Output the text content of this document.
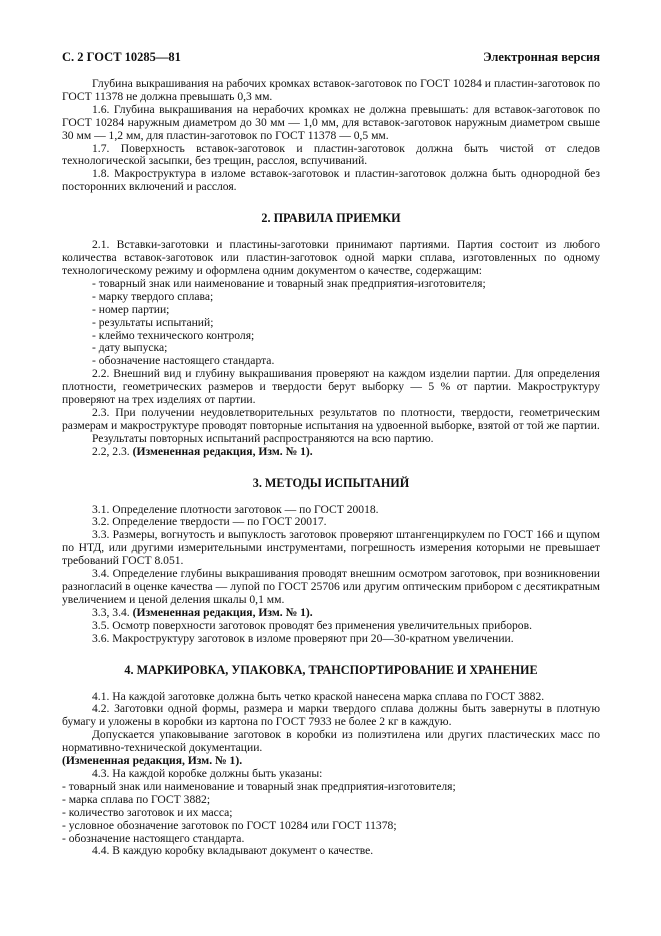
С. 2 ГОСТ 10285—81	Электронная версия

Глубина выкрашивания на рабочих кромках вставок-заготовок по ГОСТ 10284 и пластин-заготовок по ГОСТ 11378 не должна превышать 0,3 мм.

1.6. Глубина выкрашивания на нерабочих кромках не должна превышать: для вставок-заготовок по ГОСТ 10284 наружным диаметром до 30 мм — 1,0 мм, для вставок-заготовок наружным диаметром свыше 30 мм — 1,2 мм, для пластин-заготовок по ГОСТ 11378 — 0,5 мм.

1.7. Поверхность вставок-заготовок и пластин-заготовок должна быть чистой от следов технологической засыпки, без трещин, расслоя, вспучиваний.

1.8. Макроструктура в изломе вставок-заготовок и пластин-заготовок должна быть однородной без посторонних включений и расслоя.

2. ПРАВИЛА ПРИЕМКИ

2.1. Вставки-заготовки и пластины-заготовки принимают партиями. Партия состоит из любого количества вставок-заготовок или пластин-заготовок одной марки сплава, изготовленных по одному технологическому режиму и оформлена одним документом о качестве, содержащим:

- товарный знак или наименование и товарный знак предприятия-изготовителя;

- марку твердого сплава;

- номер партии;

- результаты испытаний;

- клеймо технического контроля;

- дату выпуска;

- обозначение настоящего стандарта.

2.2. Внешний вид и глубину выкрашивания проверяют на каждом изделии партии. Для определения плотности, геометрических размеров и твердости берут выборку — 5 % от партии. Макроструктуру проверяют на трех изделиях от партии.

2.3. При получении неудовлетворительных результатов по плотности, твердости, геометрическим размерам и макроструктуре проводят повторные испытания на удвоенной выборке, взятой от той же партии.

Результаты повторных испытаний распространяются на всю партию.

2.2, 2.3. (Измененная редакция, Изм. № 1).

3. МЕТОДЫ ИСПЫТАНИЙ

3.1. Определение плотности заготовок — по ГОСТ 20018.

3.2. Определение твердости — по ГОСТ 20017.

3.3. Размеры, вогнутость и выпуклость заготовок проверяют штангенциркулем по ГОСТ 166 и щупом по НТД, или другими измерительными инструментами, погрешность измерения которыми не превышает требований ГОСТ 8.051.

3.4. Определение глубины выкрашивания проводят внешним осмотром заготовок, при возникновении разногласий в оценке качества — лупой по ГОСТ 25706 или другим оптическим прибором с десятикратным увеличением и ценой деления шкалы 0,1 мм.

3.3, 3.4. (Измененная редакция, Изм. № 1).

3.5. Осмотр поверхности заготовок проводят без применения увеличительных приборов.

3.6. Макроструктуру заготовок в изломе проверяют при 20—30-кратном увеличении.

4. МАРКИРОВКА, УПАКОВКА, ТРАНСПОРТИРОВАНИЕ И ХРАНЕНИЕ

4.1. На каждой заготовке должна быть четко краской нанесена марка сплава по ГОСТ 3882.

4.2. Заготовки одной формы, размера и марки твердого сплава должны быть завернуты в плотную бумагу и уложены в коробки из картона по ГОСТ 7933 не более 2 кг в каждую.

Допускается упаковывание заготовок в коробки из полиэтилена или других пластических масс по нормативно-технической документации.

(Измененная редакция, Изм. № 1).

4.3. На каждой коробке должны быть указаны:

- товарный знак или наименование и товарный знак предприятия-изготовителя;

- марка сплава по ГОСТ 3882;

- количество заготовок и их масса;

- условное обозначение заготовок по ГОСТ 10284 или ГОСТ 11378;

- обозначение настоящего стандарта.

4.4. В каждую коробку вкладывают документ о качестве.
